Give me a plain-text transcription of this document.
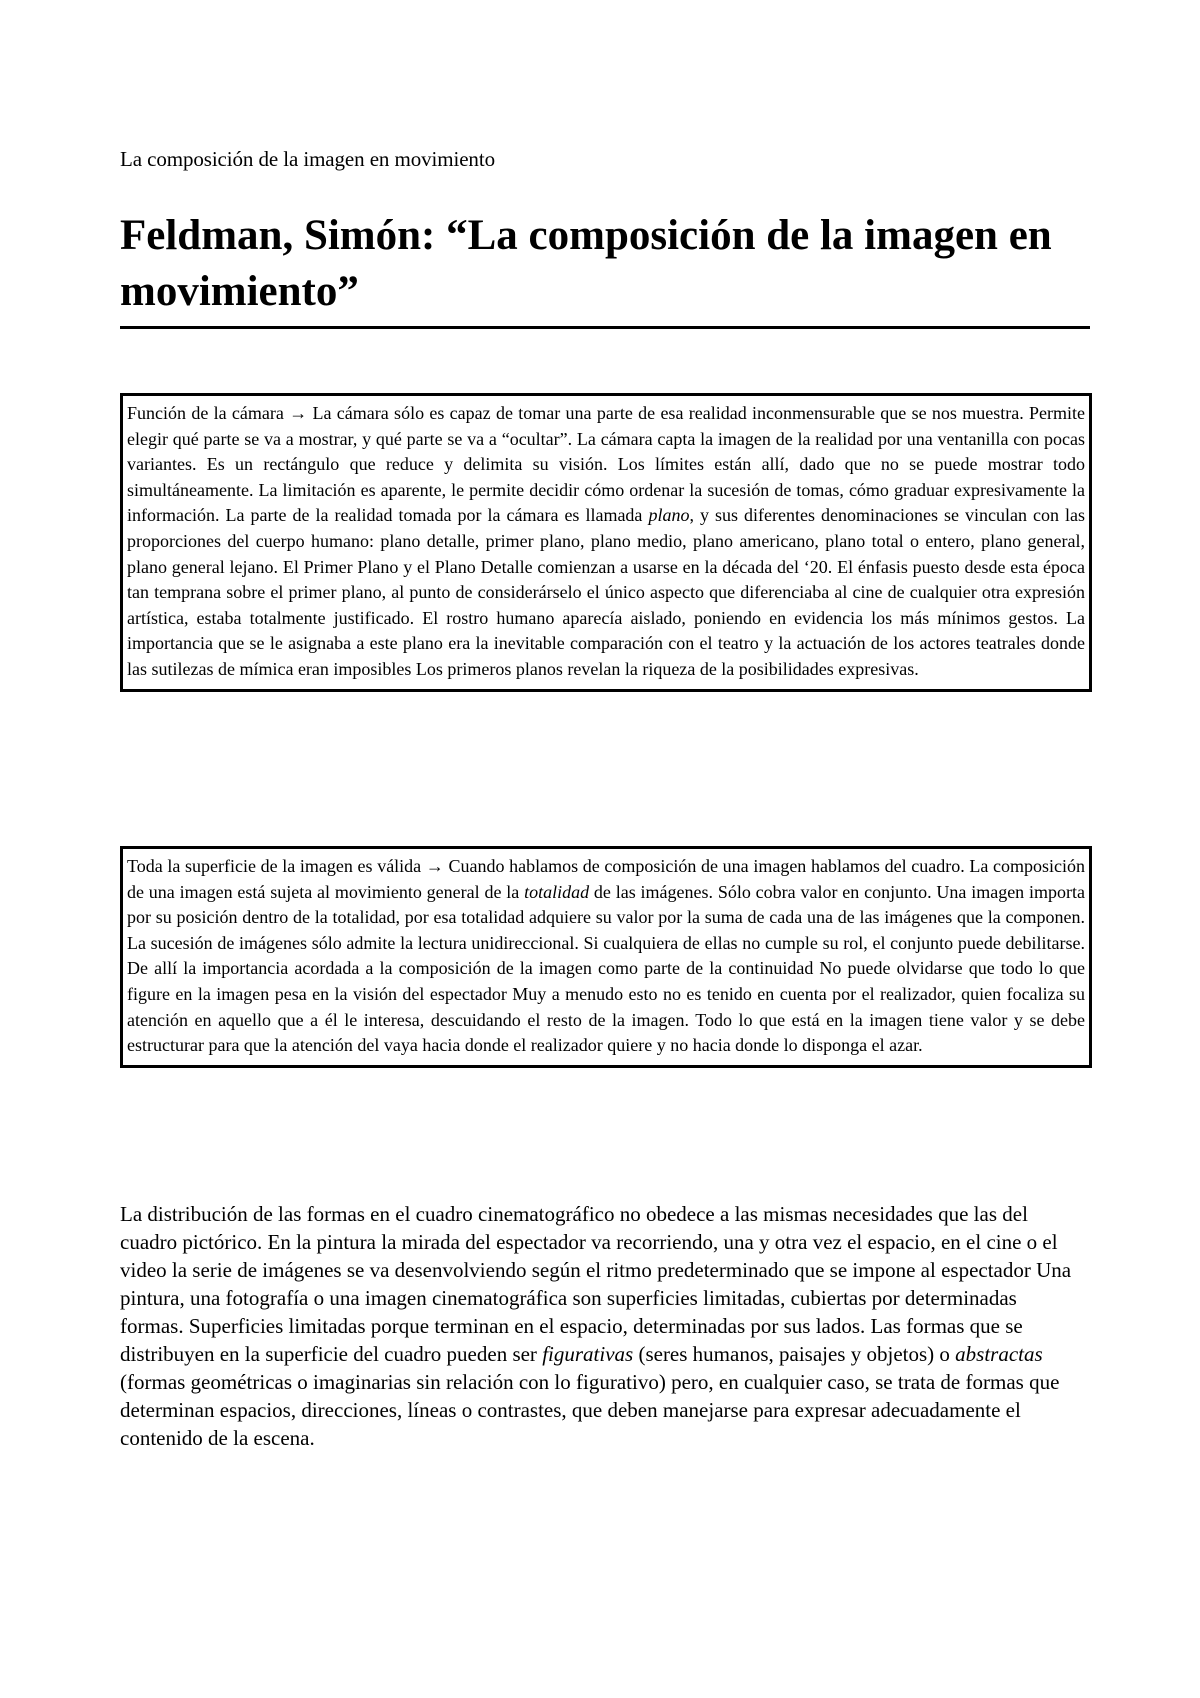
La composición de la imagen en movimiento
Feldman, Simón: “La composición de la imagen en movimiento”

Función de la cámara → La cámara sólo es capaz de tomar una parte de esa realidad inconmensurable que se nos muestra. Permite elegir qué parte se va a mostrar, y qué parte se va a “ocultar”. La cámara capta la imagen de la realidad por una ventanilla con pocas variantes. Es un rectángulo que reduce y delimita su visión. Los límites están allí, dado que no se puede mostrar todo simultáneamente. La limitación es aparente, le permite decidir cómo ordenar la sucesión de tomas, cómo graduar expresivamente la información. La parte de la realidad tomada por la cámara es llamada plano, y sus diferentes denominaciones se vinculan con las proporciones del cuerpo humano: plano detalle, primer plano, plano medio, plano americano, plano total o entero, plano general, plano general lejano. El Primer Plano y el Plano Detalle comienzan a usarse en la década del ‘20. El énfasis puesto desde esta época tan temprana sobre el primer plano, al punto de considerárselo el único aspecto que diferenciaba al cine de cualquier otra expresión artística, estaba totalmente justificado. El rostro humano aparecía aislado, poniendo en evidencia los más mínimos gestos. La importancia que se le asignaba a este plano era la inevitable comparación con el teatro y la actuación de los actores teatrales donde las sutilezas de mímica eran imposibles Los primeros planos revelan la riqueza de la posibilidades expresivas.

Toda la superficie de la imagen es válida → Cuando hablamos de composición de una imagen hablamos del cuadro. La composición de una imagen está sujeta al movimiento general de la totalidad de las imágenes. Sólo cobra valor en conjunto. Una imagen importa por su posición dentro de la totalidad, por esa totalidad adquiere su valor por la suma de cada una de las imágenes que la componen. La sucesión de imágenes sólo admite la lectura unidireccional. Si cualquiera de ellas no cumple su rol, el conjunto puede debilitarse. De allí la importancia acordada a la composición de la imagen como parte de la continuidad No puede olvidarse que todo lo que figure en la imagen pesa en la visión del espectador Muy a menudo esto no es tenido en cuenta por el realizador, quien focaliza su atención en aquello que a él le interesa, descuidando el resto de la imagen. Todo lo que está en la imagen tiene valor y se debe estructurar para que la atención del vaya hacia donde el realizador quiere y no hacia donde lo disponga el azar.

La distribución de las formas en el cuadro cinematográfico no obedece a las mismas necesidades que las del cuadro pictórico. En la pintura la mirada del espectador va recorriendo, una y otra vez el espacio, en el cine o el video la serie de imágenes se va desenvolviendo según el ritmo predeterminado que se impone al espectador Una pintura, una fotografía o una imagen cinematográfica son superficies limitadas, cubiertas por determinadas formas. Superficies limitadas porque terminan en el espacio, determinadas por sus lados. Las formas que se distribuyen en la superficie del cuadro pueden ser figurativas (seres humanos, paisajes y objetos) o abstractas (formas geométricas o imaginarias sin relación con lo figurativo) pero, en cualquier caso, se trata de formas que determinan espacios, direcciones, líneas o contrastes, que deben manejarse para expresar adecuadamente el contenido de la escena.
